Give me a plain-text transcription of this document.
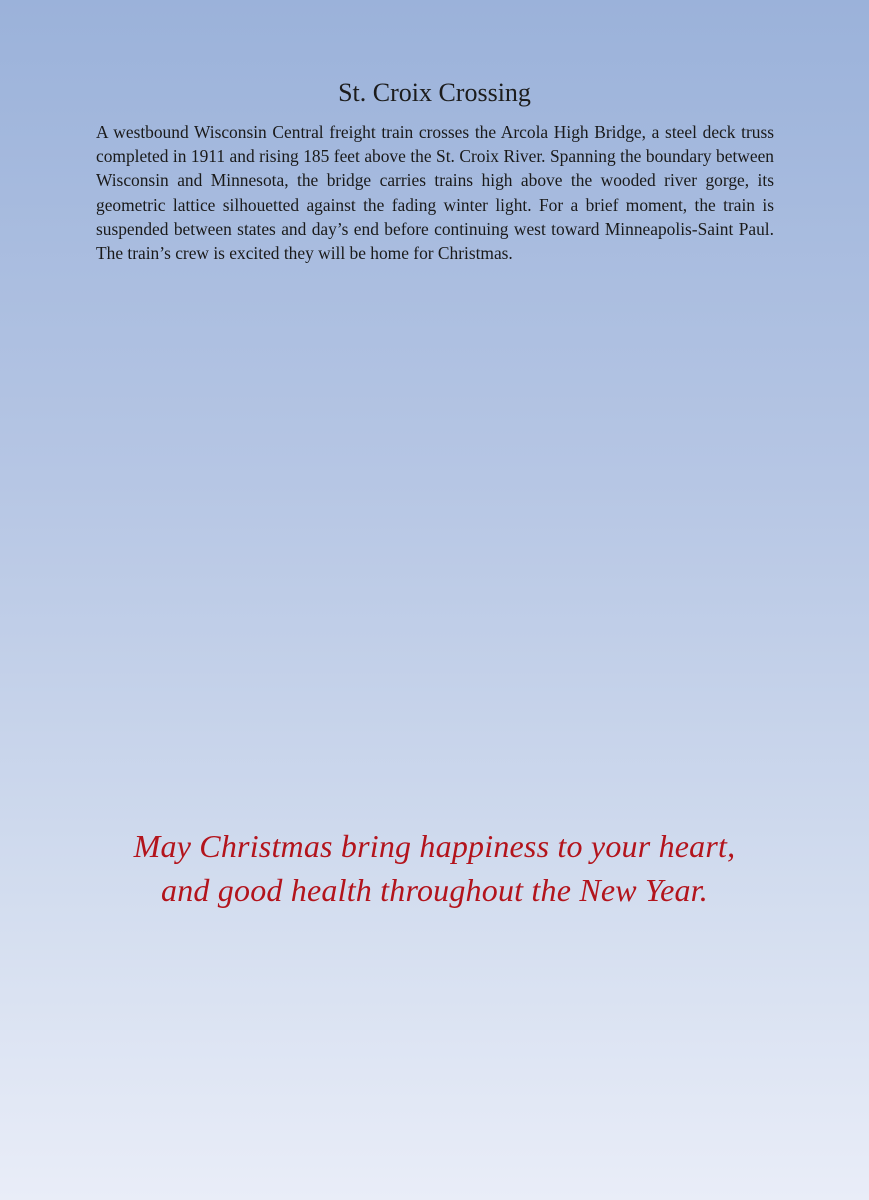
St. Croix Crossing
A westbound Wisconsin Central freight train crosses the Arcola High Bridge, a steel deck truss completed in 1911 and rising 185 feet above the St. Croix River. Spanning the boundary between Wisconsin and Minnesota, the bridge carries trains high above the wooded river gorge, its geometric lattice silhouetted against the fading winter light. For a brief moment, the train is suspended between states and day’s end before continuing west toward Minneapolis-Saint Paul. The train’s crew is excited they will be home for Christmas.
May Christmas bring happiness to your heart,
and good health throughout the New Year.
